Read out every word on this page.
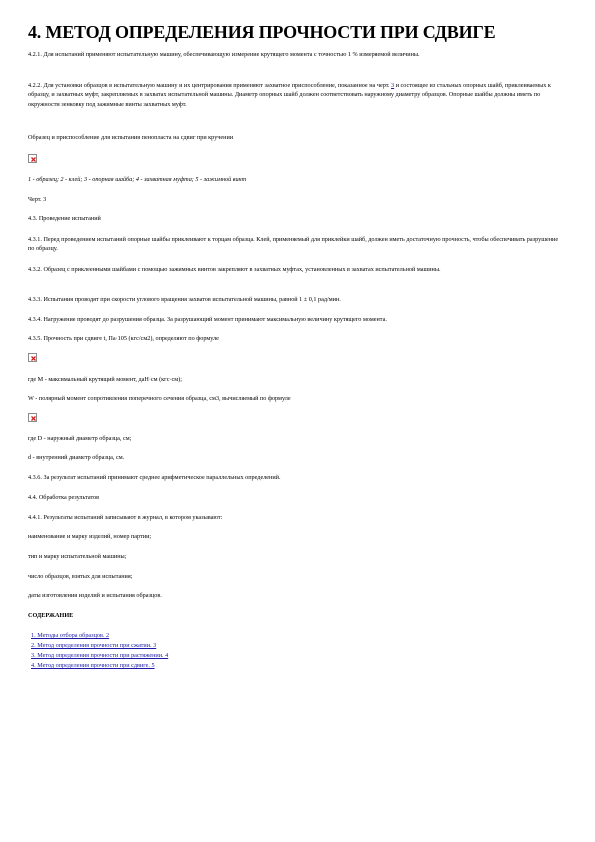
4. МЕТОД ОПРЕДЕЛЕНИЯ ПРОЧНОСТИ ПРИ СДВИГЕ
4.2.1. Для испытаний применяют испытательную машину, обеспечивающую измерение крутящего момента с точностью 1 % измеряемой величины.
4.2.2. Для установки образцов в испытательную машину и их центрирования применяют захватное приспособление, показанное на черт. 3 и состоящее из стальных опорных шайб, приклеиваемых к образцу, и захватных муфт, закрепляемых в захватах испытательной машины. Диаметр опорных шайб должен соответствовать наружному диаметру образцов. Опорные шайбы должны иметь по окружности зенковку под зажимные винты захватных муфт.
Образец и приспособление для испытания пенопласта на сдвиг при кручении
1 - образец; 2 - клей; 3 - опорная шайба; 4 - захватная муфта; 5 - зажимной винт
Черт. 3
4.3. Проведение испытаний
4.3.1. Перед проведением испытаний опорные шайбы приклеивают к торцам образца. Клей, применяемый для приклейки шайб, должен иметь достаточную прочность, чтобы обеспечивать разрушение по образцу.
4.3.2. Образец с приклеенными шайбами с помощью зажимных винтов закрепляют в захватных муфтах, установленных в захватах испытательной машины.
4.3.3. Испытания проводят при скорости углового вращения захватов испытательной машины, равной 1 ± 0,1 рад/мин.
4.3.4. Нагружение проводят до разрушения образца. За разрушающий момент принимают максимальную величину крутящего момента.
4.3.5. Прочность при сдвиге t, Па·105 (кгс/см2), определяют по формуле
где М - максимальный крутящий момент, даН·см (кгс·см);
W - полярный момент сопротивления поперечного сечения образца, см3, вычисляемый по формуле
где D - наружный диаметр образца, см;
d - внутренний диаметр образца, см.
4.3.6. За результат испытаний принимают среднее арифметическое параллельных определений.
4.4. Обработка результатов
4.4.1. Результаты испытаний записывают в журнал, в котором указывают:
наименование и марку изделий, номер партии;
тип и марку испытательной машины;
число образцов, взятых для испытания;
даты изготовления изделий и испытания образцов.
СОДЕРЖАНИЕ
1. Методы отбора образцов. 2
2. Метод определения прочности при сжатии. 3
3. Метод определения прочности при растяжении. 4
4. Метод определения прочности при сдвиге. 5
